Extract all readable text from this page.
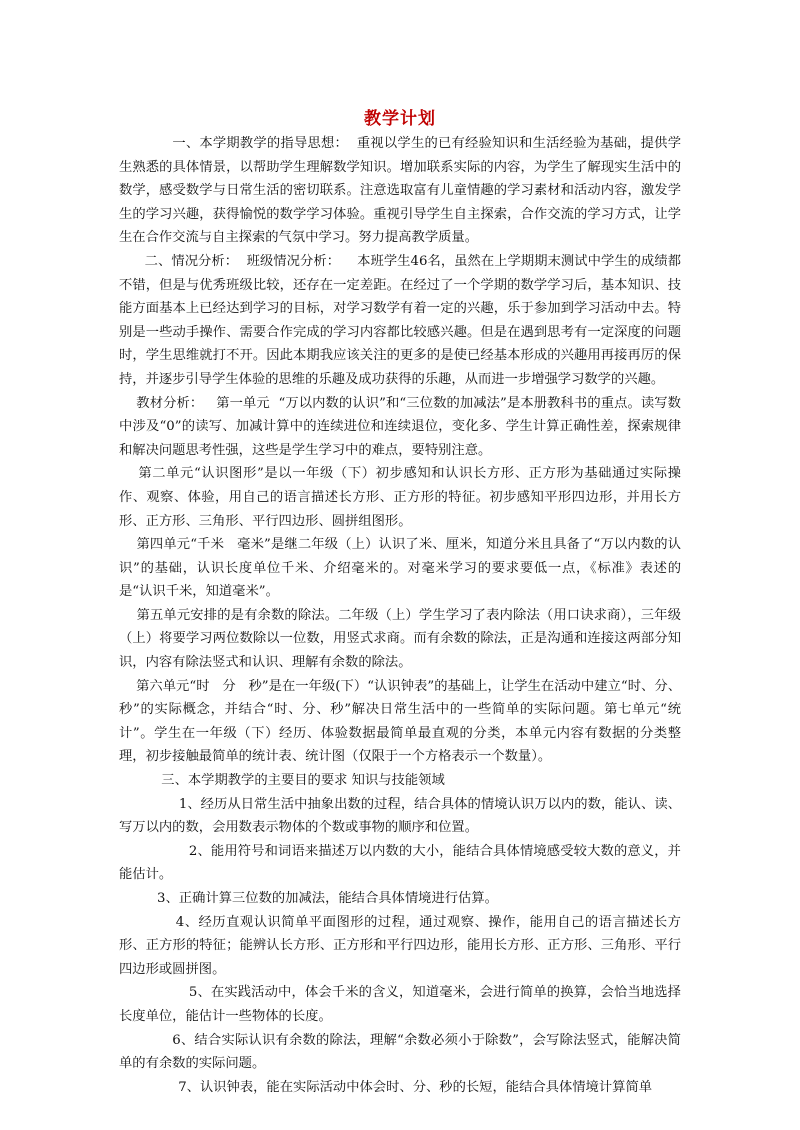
教学计划

一、本学期教学的指导思想：  重视以学生的已有经验知识和生活经验为基础，提供学生熟悉的具体情景，以帮助学生理解数学知识。增加联系实际的内容，为学生了解现实生活中的数学，感受数学与日常生活的密切联系。注意选取富有儿童情趣的学习素材和活动内容，激发学生的学习兴趣，获得愉悦的数学学习体验。重视引导学生自主探索，合作交流的学习方式，让学生在合作交流与自主探索的气氛中学习。努力提高教学质量。

二、情况分析：  班级情况分析：    本班学生46名，虽然在上学期期末测试中学生的成绩都不错，但是与优秀班级比较，还存在一定差距。在经过了一个学期的数学学习后，基本知识、技能方面基本上已经达到学习的目标，对学习数学有着一定的兴趣，乐于参加到学习活动中去。特别是一些动手操作、需要合作完成的学习内容都比较感兴趣。但是在遇到思考有一定深度的问题时，学生思维就打不开。因此本期我应该关注的更多的是使已经基本形成的兴趣用再接再厉的保持，并逐步引导学生体验的思维的乐趣及成功获得的乐趣，从而进一步增强学习数学的兴趣。

教材分析：   第一单元  “万以内数的认识”和“三位数的加减法”是本册教科书的重点。读写数中涉及“0”的读写、加减计算中的连续进位和连续退位，变化多、学生计算正确性差，探索规律和解决问题思考性强，这些是学生学习中的难点，要特别注意。

第二单元“认识图形”是以一年级（下）初步感知和认识长方形、正方形为基础通过实际操作、观察、体验，用自己的语言描述长方形、正方形的特征。初步感知平形四边形，并用长方形、正方形、三角形、平行四边形、圆拼组图形。

第四单元“千米   毫米”是继二年级（上）认识了米、厘米，知道分米且具备了“万以内数的认识”的基础，认识长度单位千米、介绍毫米的。对毫米学习的要求要低一点，《标准》表述的是“认识千米，知道毫米”。

第五单元安排的是有余数的除法。二年级（上）学生学习了表内除法（用口诀求商），三年级（上）将要学习两位数除以一位数，用竖式求商。而有余数的除法，正是沟通和连接这两部分知识，内容有除法竖式和认识、理解有余数的除法。

第六单元“时   分   秒”是在一年级(下）“认识钟表”的基础上，让学生在活动中建立“时、分、秒”的实际概念，并结合“时、分、秒”解决日常生活中的一些简单的实际问题。第七单元“统计”。学生在一年级（下）经历、体验数据最简单最直观的分类，本单元内容有数据的分类整理，初步接触最简单的统计表、统计图（仅限于一个方格表示一个数量）。

三、本学期教学的主要目的要求 知识与技能领域

1、经历从日常生活中抽象出数的过程，结合具体的情境认识万以内的数，能认、读、写万以内的数，会用数表示物体的个数或事物的顺序和位置。

2、能用符号和词语来描述万以内数的大小，能结合具体情境感受较大数的意义，并能估计。

3、正确计算三位数的加减法，能结合具体情境进行估算。

4、经历直观认识简单平面图形的过程，通过观察、操作，能用自己的语言描述长方形、正方形的特征；能辨认长方形、正方形和平行四边形，能用长方形、正方形、三角形、平行四边形或圆拼图。

5、在实践活动中，体会千米的含义，知道毫米，会进行简单的换算，会恰当地选择长度单位，能估计一些物体的长度。

6、结合实际认识有余数的除法，理解“余数必须小于除数”，会写除法竖式，能解决简单的有余数的实际问题。

7、认识钟表，能在实际活动中体会时、分、秒的长短，能结合具体情境计算简单
